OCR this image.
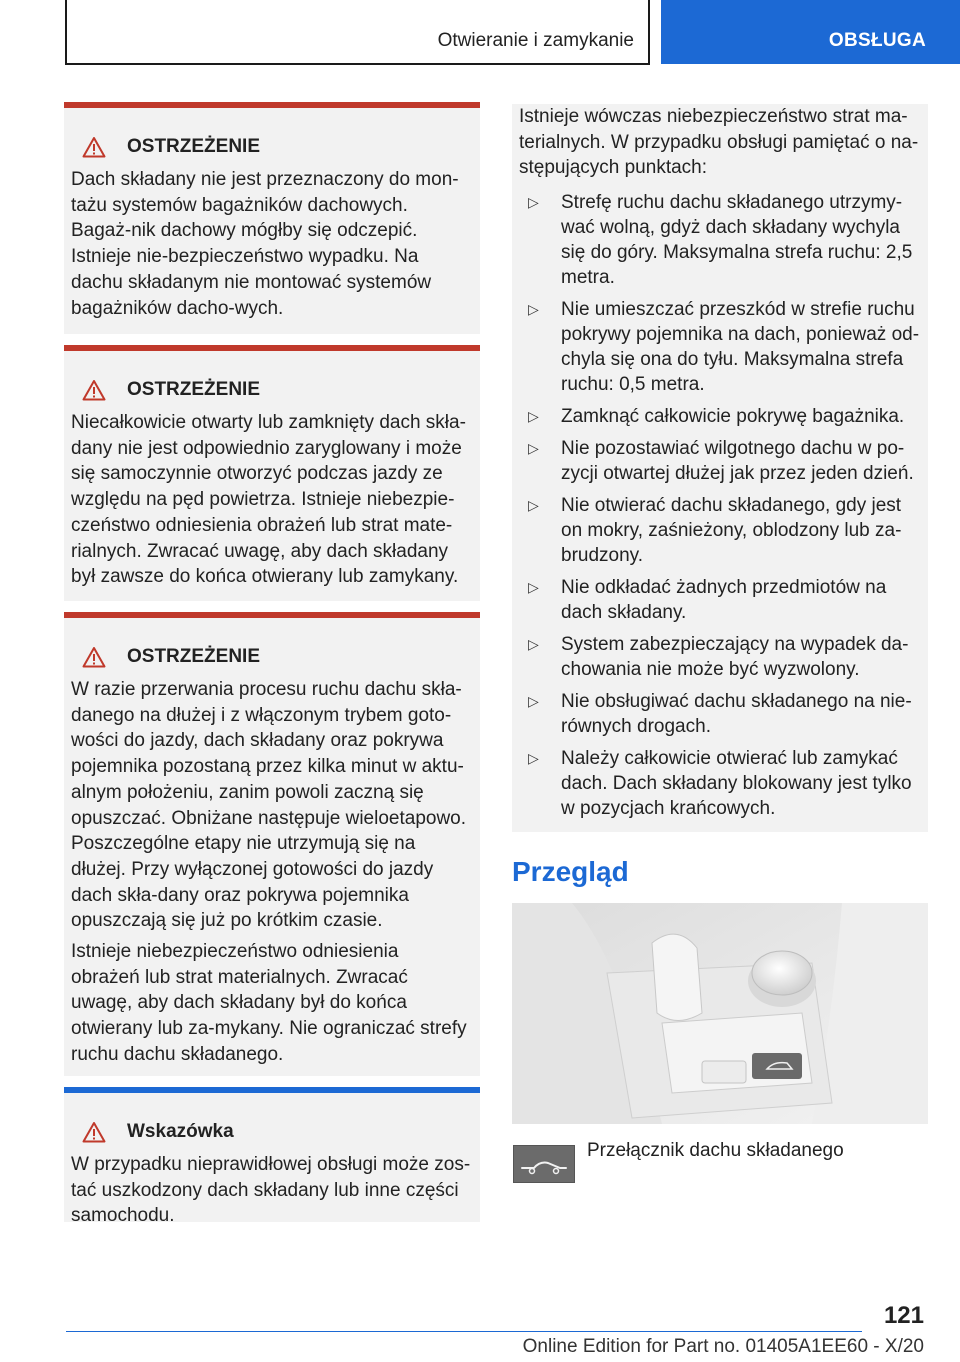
Otwieranie i zamykanie	OBSŁUGA
OSTRZEŻENIE

Dach składany nie jest przeznaczony do mon-tażu systemów bagażników dachowych. Bagaż-nik dachowy mógłby się odczepić. Istnieje nie-bezpieczeństwo wypadku. Na dachu składanym nie montować systemów bagażników dacho-wych.

OSTRZEŻENIE

Niecałkowicie otwarty lub zamknięty dach skła-dany nie jest odpowiednio zaryglowany i może się samoczynnie otworzyć podczas jazdy ze względu na pęd powietrza. Istnieje niebezpie-czeństwo odniesienia obrażeń lub strat mate-rialnych. Zwracać uwagę, aby dach składany był zawsze do końca otwierany lub zamykany.

OSTRZEŻENIE

W razie przerwania procesu ruchu dachu skła-danego na dłużej i z włączonym trybem goto-wości do jazdy, dach składany oraz pokrywa pojemnika pozostaną przez kilka minut w aktu-alnym położeniu, zanim powoli zaczną się opuszczać. Obniżane następuje wieloetapowo. Poszczególne etapy nie utrzymują się na dłużej. Przy wyłączonej gotowości do jazdy dach skła-dany oraz pokrywa pojemnika opuszczają się już po krótkim czasie.

Istnieje niebezpieczeństwo odniesienia obrażeń lub strat materialnych. Zwracać uwagę, aby dach składany był do końca otwierany lub za-mykany. Nie ograniczać strefy ruchu dachu składanego.

Wskazówka

W przypadku nieprawidłowej obsługi może zos-tać uszkodzony dach składany lub inne części samochodu.

Istnieje wówczas niebezpieczeństwo strat ma-terialnych. W przypadku obsługi pamiętać o na-stępujących punktach:

▷	Strefę ruchu dachu składanego utrzymy-wać wolną, gdyż dach składany wychyla się do góry. Maksymalna strefa ruchu: 2,5 metra.
▷	Nie umieszczać przeszkód w strefie ruchu pokrywy pojemnika na dach, ponieważ od-chyla się ona do tyłu. Maksymalna strefa ruchu: 0,5 metra.
▷	Zamknąć całkowicie pokrywę bagażnika.
▷	Nie pozostawiać wilgotnego dachu w po-zycji otwartej dłużej jak przez jeden dzień.
▷	Nie otwierać dachu składanego, gdy jest on mokry, zaśnieżony, oblodzony lub za-brudzony.
▷	Nie odkładać żadnych przedmiotów na dach składany.
▷	System zabezpieczający na wypadek da-chowania nie może być wyzwolony.
▷	Nie obsługiwać dachu składanego na nie-równych drogach.
▷	Należy całkowicie otwierać lub zamykać dach. Dach składany blokowany jest tylko w pozycjach krańcowych.
Przegląd
Przełącznik dachu składanego
121
Online Edition for Part no. 01405A1EE60 - X/20
